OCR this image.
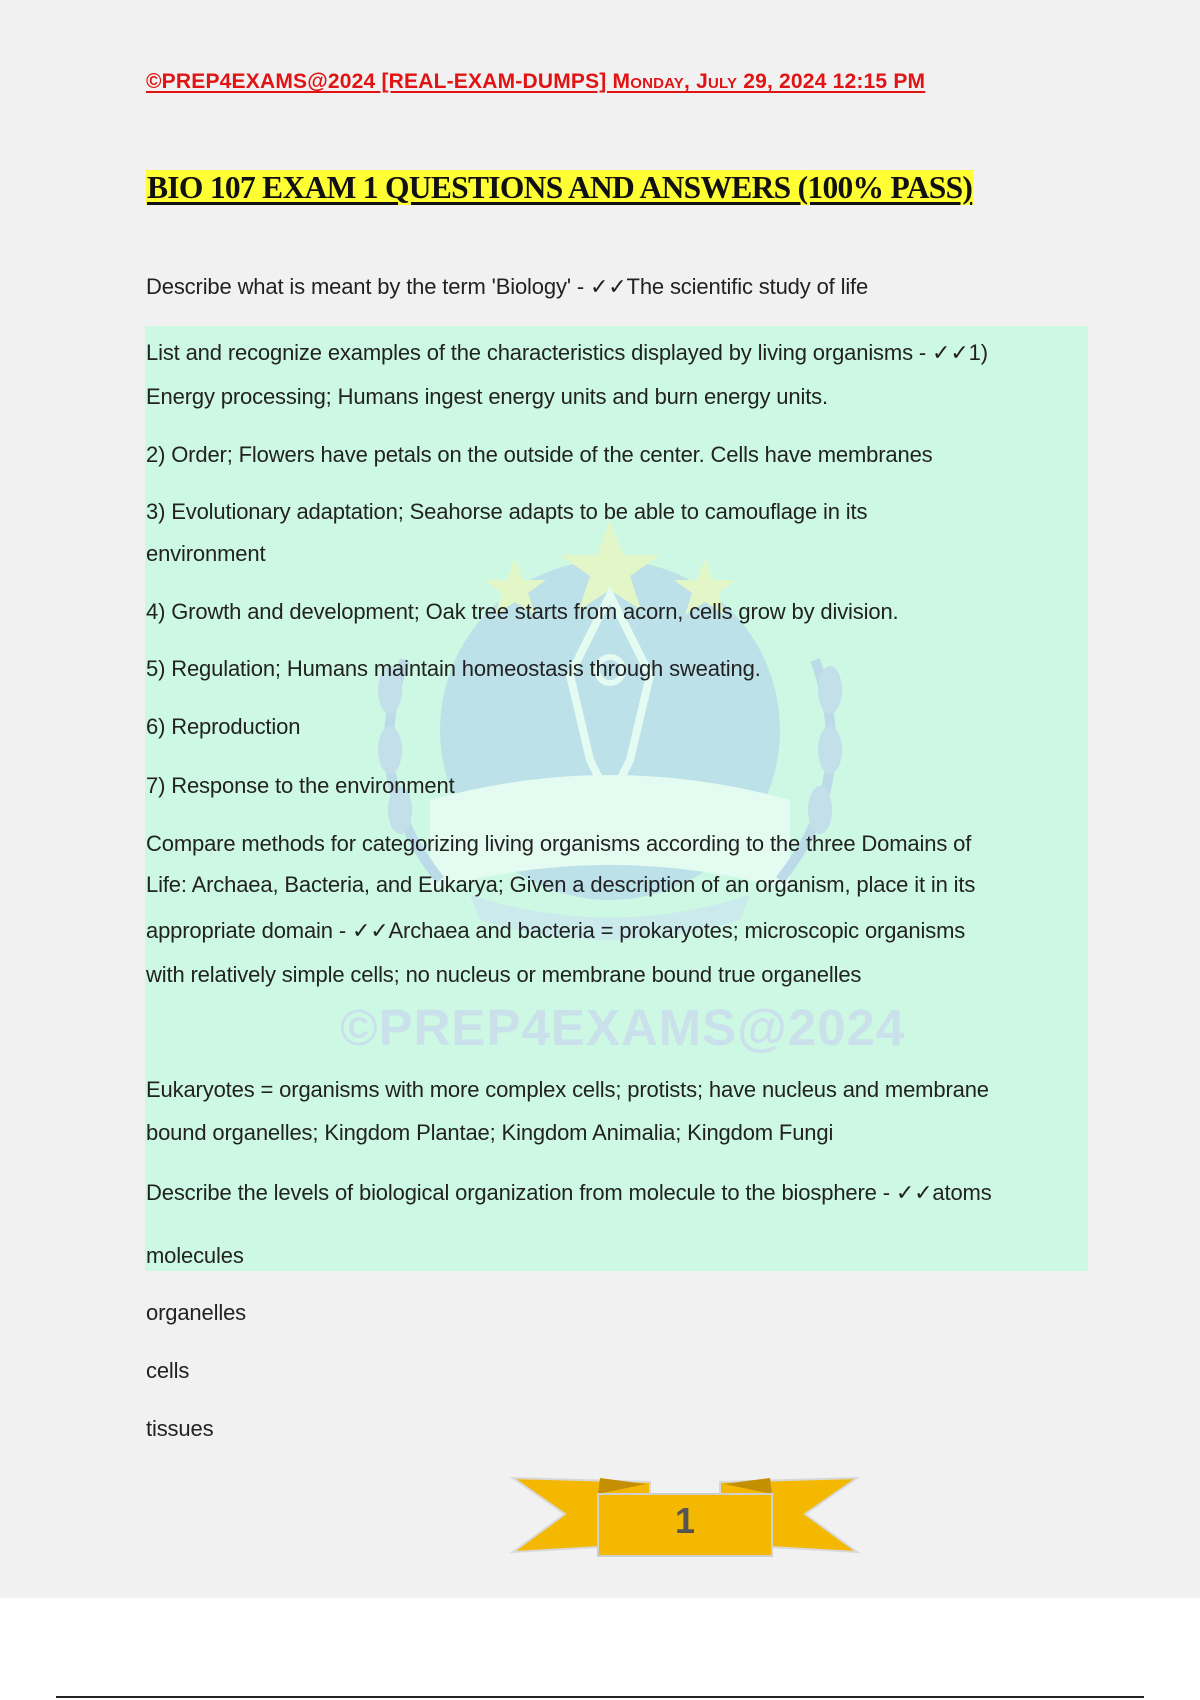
©PREP4EXAMS@2024 [REAL-EXAM-DUMPS] Monday, July 29, 2024 12:15 PM
BIO 107 EXAM 1 QUESTIONS AND ANSWERS (100% PASS)
©PREP4EXAMS@2024
Describe what is meant by the term 'Biology' - ✓✓The scientific study of life
List and recognize examples of the characteristics displayed by living organisms - ✓✓1)
Energy processing; Humans ingest energy units and burn energy units.
2) Order; Flowers have petals on the outside of the center. Cells have membranes
3) Evolutionary adaptation; Seahorse adapts to be able to camouflage in its
environment
4) Growth and development; Oak tree starts from acorn, cells grow by division.
5) Regulation; Humans maintain homeostasis through sweating.
6) Reproduction
7) Response to the environment
Compare methods for categorizing living organisms according to the three Domains of
Life: Archaea, Bacteria, and Eukarya; Given a description of an organism, place it in its
appropriate domain - ✓✓Archaea and bacteria = prokaryotes; microscopic organisms
with relatively simple cells; no nucleus or membrane bound true organelles
Eukaryotes = organisms with more complex cells; protists; have nucleus and membrane
bound organelles; Kingdom Plantae; Kingdom Animalia; Kingdom Fungi
Describe the levels of biological organization from molecule to the biosphere - ✓✓atoms
molecules
organelles
cells
tissues
1
